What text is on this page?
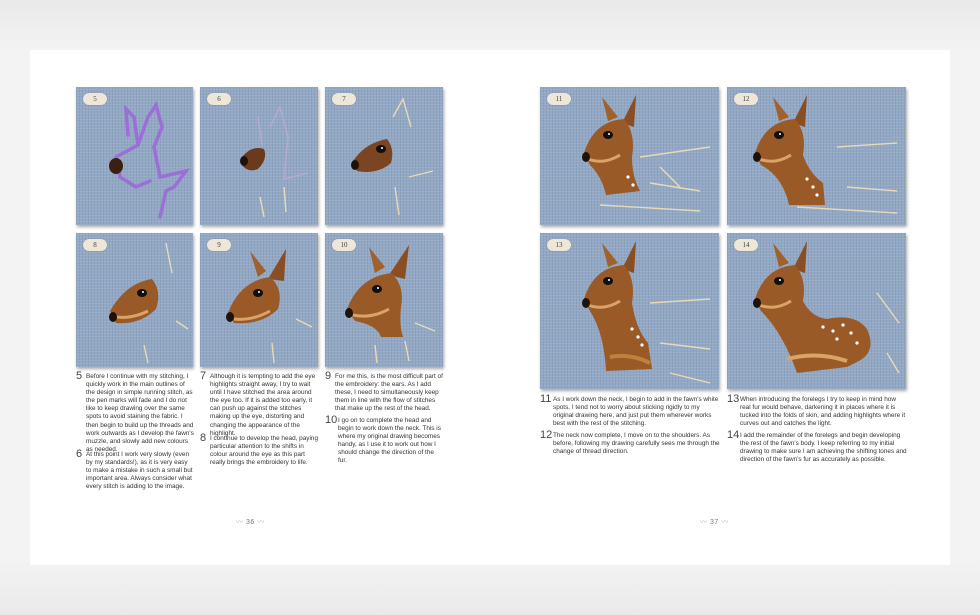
5	6	7
8	9	10
5 Before I continue with my stitching, I quickly work in the main outlines of the design in simple running stitch, as the pen marks will fade and I do not like to keep drawing over the same spots to avoid staining the fabric. I then begin to build up the threads and work outwards as I develop the fawn's muzzle, and slowly add new colours as needed.
6 At this point I work very slowly (even by my standards!), as it is very easy to make a mistake in such a small but important area. Always consider what every stitch is adding to the image.
7 Although it is tempting to add the eye highlights straight away, I try to wait until I have stitched the area around the eye too. If it is added too early, it can push up against the stitches making up the eye, distorting and changing the appearance of the highlight.
8 I continue to develop the head, paying particular attention to the shifts in colour around the eye as this part really brings the embroidery to life.
9 For me this, is the most difficult part of the embroidery: the ears. As I add these, I need to simultaneously keep them in line with the flow of stitches that make up the rest of the head.
10 I go on to complete the head and begin to work down the neck. This is where my original drawing becomes handy, as I use it to work out how I should change the direction of the fur.
〰 36 〰
11	12
13	14
11 As I work down the neck, I begin to add in the fawn's white spots. I tend not to worry about sticking rigidly to my original drawing here, and just put them wherever works best with the rest of the stitching.
12 The neck now complete, I move on to the shoulders. As before, following my drawing carefully sees me through the change of thread direction.
13 When introducing the forelegs I try to keep in mind how real fur would behave, darkening it in places where it is tucked into the folds of skin, and adding highlights where it curves out and catches the light.
14 I add the remainder of the forelegs and begin developing the rest of the fawn's body. I keep referring to my initial drawing to make sure I am achieving the shifting tones and direction of the fawn's fur as accurately as possible.
〰 37 〰
